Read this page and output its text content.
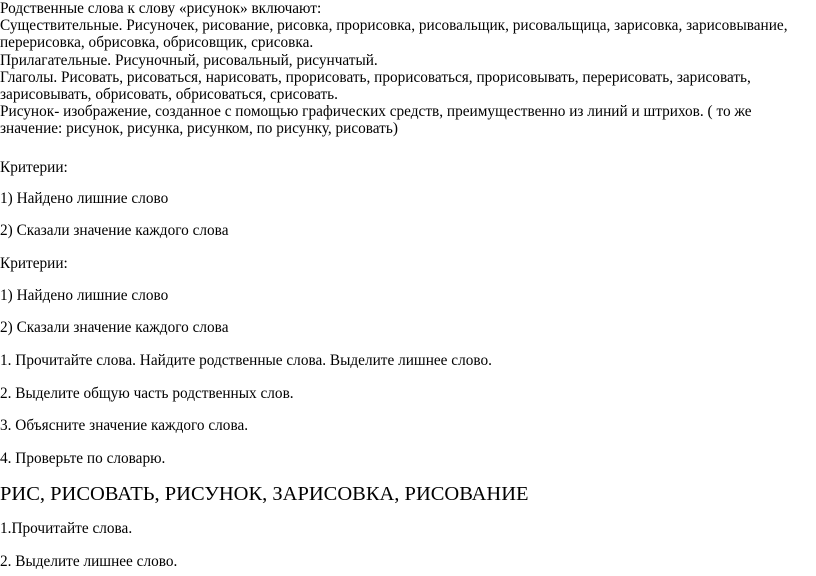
Родственные слова к слову «рисунок» включают:

Существительные. Рисуночек, рисование, рисовка, прорисовка, рисовальщик, рисовальщица, зарисовка, зарисовывание, перерисовка, обрисовка, обрисовщик, срисовка.

Прилагательные. Рисуночный, рисовальный, рисунчатый.

Глаголы. Рисовать, рисоваться, нарисовать, прорисовать, прорисоваться, прорисовывать, перерисовать, зарисовать, зарисовывать, обрисовать, обрисоваться, срисовать.

Рисунок- изображение, созданное с помощью графических средств, преимущественно из линий и штрихов. ( то же значение: рисунок, рисунка, рисунком, по рисунку, рисовать)

Критерии:

1) Найдено лишние слово

2) Сказали значение каждого слова

Критерии:

1) Найдено лишние слово

2) Сказали значение каждого слова

1. Прочитайте слова. Найдите родственные слова. Выделите лишнее слово.

2. Выделите общую часть родственных слов.

3. Объясните значение каждого слова.

4. Проверьте по словарю.

РИС, РИСОВАТЬ, РИСУНОК, ЗАРИСОВКА, РИСОВАНИЕ

1.Прочитайте слова.

2. Выделите лишнее слово.
